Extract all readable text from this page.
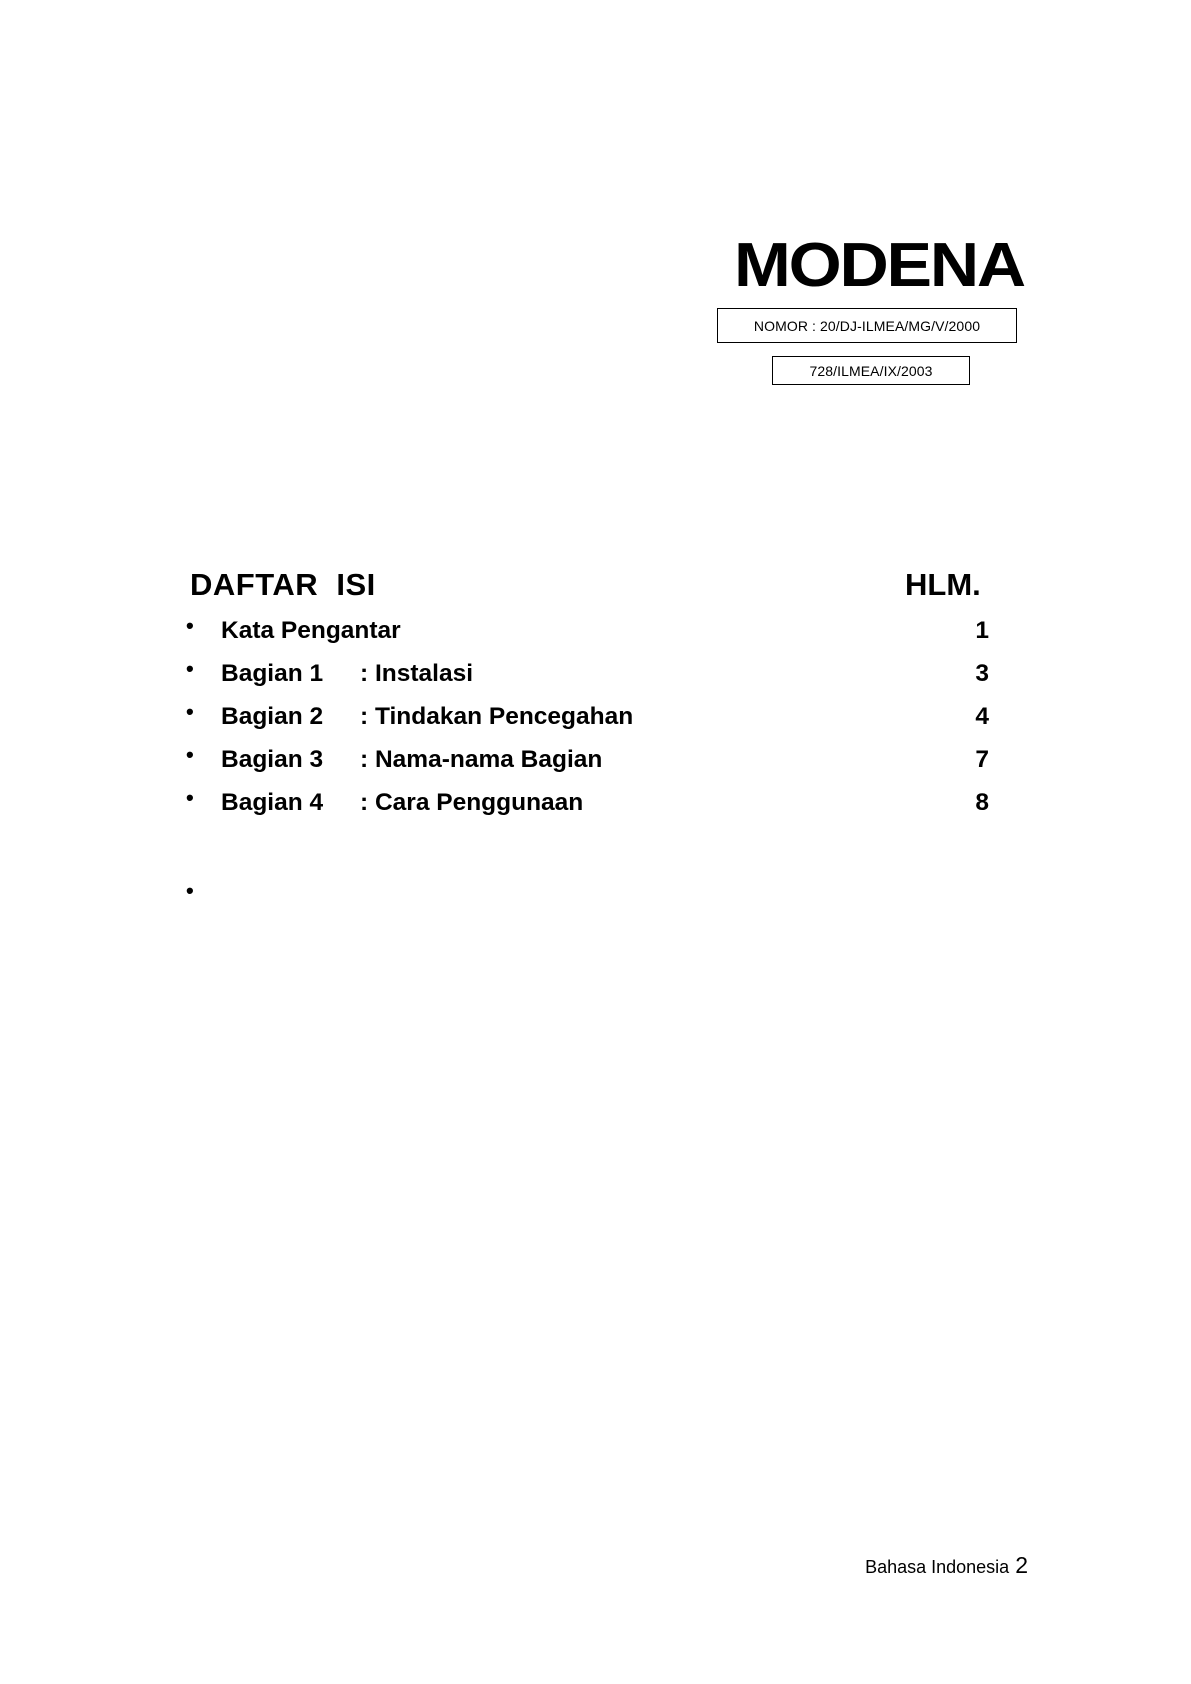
MODENA
NOMOR : 20/DJ-ILMEA/MG/V/2000
728/ILMEA/IX/2003
DAFTAR  ISI	HLM.
• Kata Pengantar	1
• Bagian 1 : Instalasi	3
• Bagian 2 : Tindakan Pencegahan	4
• Bagian 3 : Nama-nama Bagian	7
• Bagian 4 : Cara Penggunaan	8
•
Bahasa Indonesia 2
